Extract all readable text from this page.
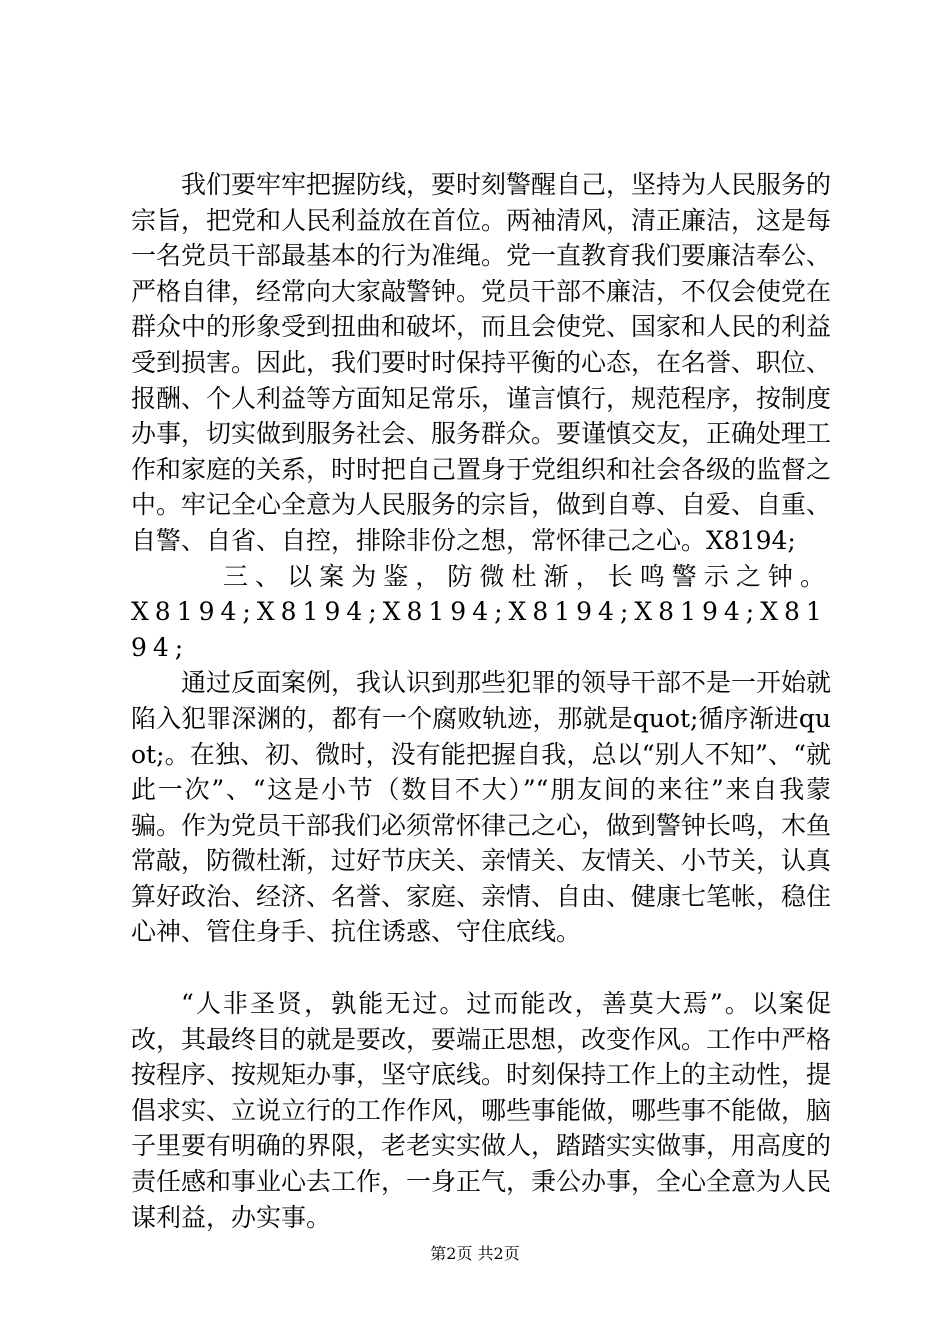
我们要牢牢把握防线，要时刻警醒自己，坚持为人民服务的宗旨，把党和人民利益放在首位。两袖清风，清正廉洁，这是每一名党员干部最基本的行为准绳。党一直教育我们要廉洁奉公、严格自律，经常向大家敲警钟。党员干部不廉洁，不仅会使党在群众中的形象受到扭曲和破坏，而且会使党、国家和人民的利益受到损害。因此，我们要时时保持平衡的心态，在名誉、职位、报酬、个人利益等方面知足常乐，谨言慎行，规范程序，按制度办事，切实做到服务社会、服务群众。要谨慎交友，正确处理工作和家庭的关系，时时把自己置身于党组织和社会各级的监督之中。牢记全心全意为人民服务的宗旨，做到自尊、自爱、自重、自警、自省、自控，排除非份之想，常怀律己之心。X8194;

三、以案为鉴，防微杜渐，长鸣警示之钟。X8194;X8194;X8194;X8194;X8194;X8194;

通过反面案例，我认识到那些犯罪的领导干部不是一开始就陷入犯罪深渊的，都有一个腐败轨迹，那就是quot;循序渐进quot;。在独、初、微时，没有能把握自我，总以“别人不知”、“就此一次”、“这是小节（数目不大）”“朋友间的来往”来自我蒙骗。作为党员干部我们必须常怀律己之心，做到警钟长鸣，木鱼常敲，防微杜渐，过好节庆关、亲情关、友情关、小节关，认真算好政治、经济、名誉、家庭、亲情、自由、健康七笔帐，稳住心神、管住身手、抗住诱惑、守住底线。

“人非圣贤，孰能无过。过而能改，善莫大焉”。以案促改，其最终目的就是要改，要端正思想，改变作风。工作中严格按程序、按规矩办事，坚守底线。时刻保持工作上的主动性，提倡求实、立说立行的工作作风，哪些事能做，哪些事不能做，脑子里要有明确的界限，老老实实做人，踏踏实实做事，用高度的责任感和事业心去工作，一身正气，秉公办事，全心全意为人民谋利益，办实事。

第2页 共2页
